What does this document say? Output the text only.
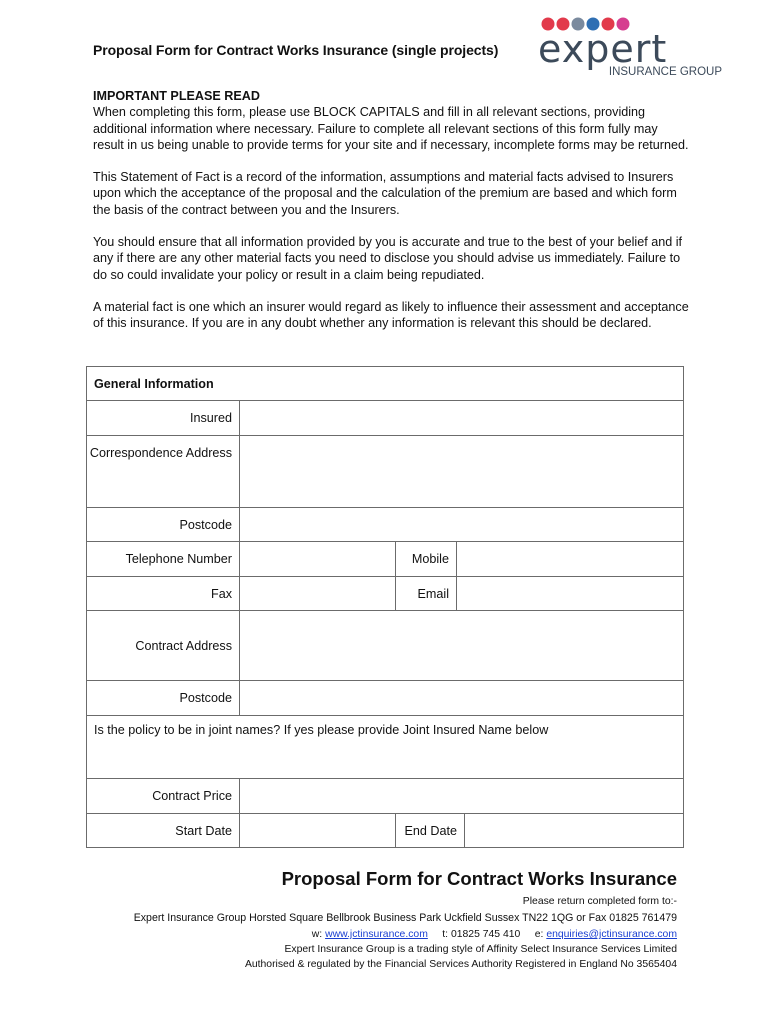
Proposal Form for Contract Works Insurance (single projects) expert
INSURANCE GROUP

IMPORTANT PLEASE READ

When completing this form, please use BLOCK CAPITALS and fill in all relevant sections, providing additional information where necessary. Failure to complete all relevant sections of this form fully may result in us being unable to provide terms for your site and if necessary, incomplete forms may be returned.

This Statement of Fact is a record of the information, assumptions and material facts advised to Insurers upon which the acceptance of the proposal and the calculation of the premium are based and which form the basis of the contract between you and the Insurers.

You should ensure that all information provided by you is accurate and true to the best of your belief and if any if there are any other material facts you need to disclose you should advise us immediately. Failure to do so could invalidate your policy or result in a claim being repudiated.

A material fact is one which an insurer would regard as likely to influence their assessment and acceptance of this insurance. If you are in any doubt whether any information is relevant this should be declared.

General Information
Insured
Correspondence Address
Postcode
Telephone Number	Mobile
Fax	Email
Contract Address
Postcode
Is the policy to be in joint names? If yes please provide Joint Insured Name below
Contract Price
Start Date	End Date
Proposal Form for Contract Works Insurance
Please return completed form to:-
Expert Insurance Group Horsted Square Bellbrook Business Park Uckfield Sussex TN22 1QG or Fax 01825 761479
w: www.jctinsurance.com t: 01825 745 410 e: enquiries@jctinsurance.com
Expert Insurance Group is a trading style of Affinity Select Insurance Services Limited
Authorised & regulated by the Financial Services Authority Registered in England No 3565404
